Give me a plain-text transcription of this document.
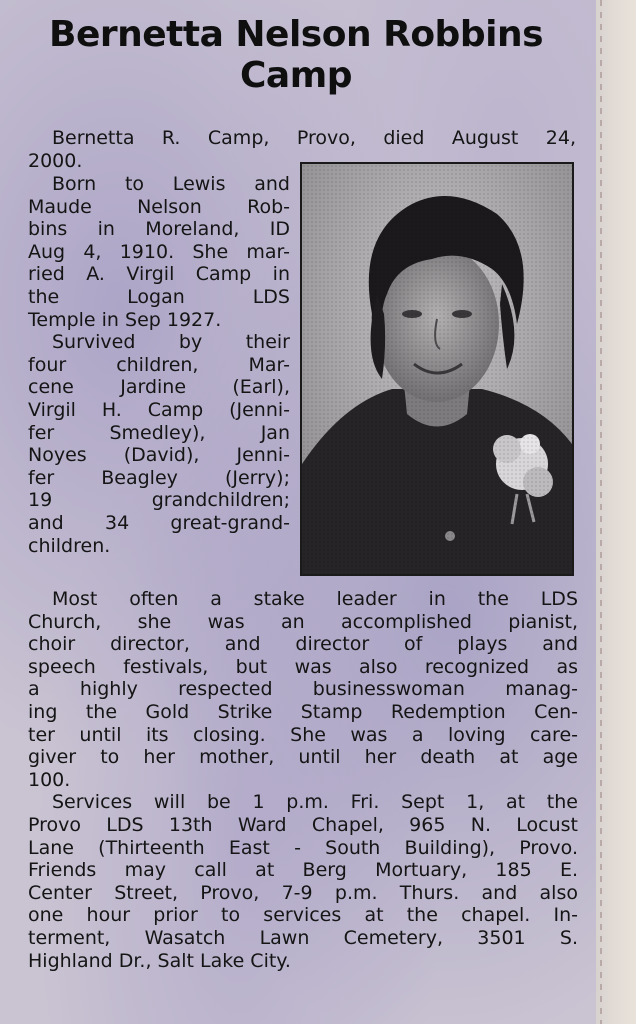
Bernetta Nelson Robbins
Camp
Bernetta R. Camp, Provo, died August 24,
2000.
Born to Lewis and
Maude Nelson Rob-
bins in Moreland, ID
Aug 4, 1910. She mar-
ried A. Virgil Camp in
the Logan LDS
Temple in Sep 1927.
Survived by their
four children, Mar-
cene Jardine (Earl),
Virgil H. Camp (Jenni-
fer Smedley), Jan
Noyes (David), Jenni-
fer Beagley (Jerry);
19 grandchildren;
and 34 great-grand-
children.
Most often a stake leader in the LDS
Church, she was an accomplished pianist,
choir director, and director of plays and
speech festivals, but was also recognized as
a highly respected businesswoman manag-
ing the Gold Strike Stamp Redemption Cen-
ter until its closing. She was a loving care-
giver to her mother, until her death at age
100.
Services will be 1 p.m. Fri. Sept 1, at the
Provo LDS 13th Ward Chapel, 965 N. Locust
Lane (Thirteenth East - South Building), Provo.
Friends may call at Berg Mortuary, 185 E.
Center Street, Provo, 7-9 p.m. Thurs. and also
one hour prior to services at the chapel. In-
terment, Wasatch Lawn Cemetery, 3501 S.
Highland Dr., Salt Lake City.
